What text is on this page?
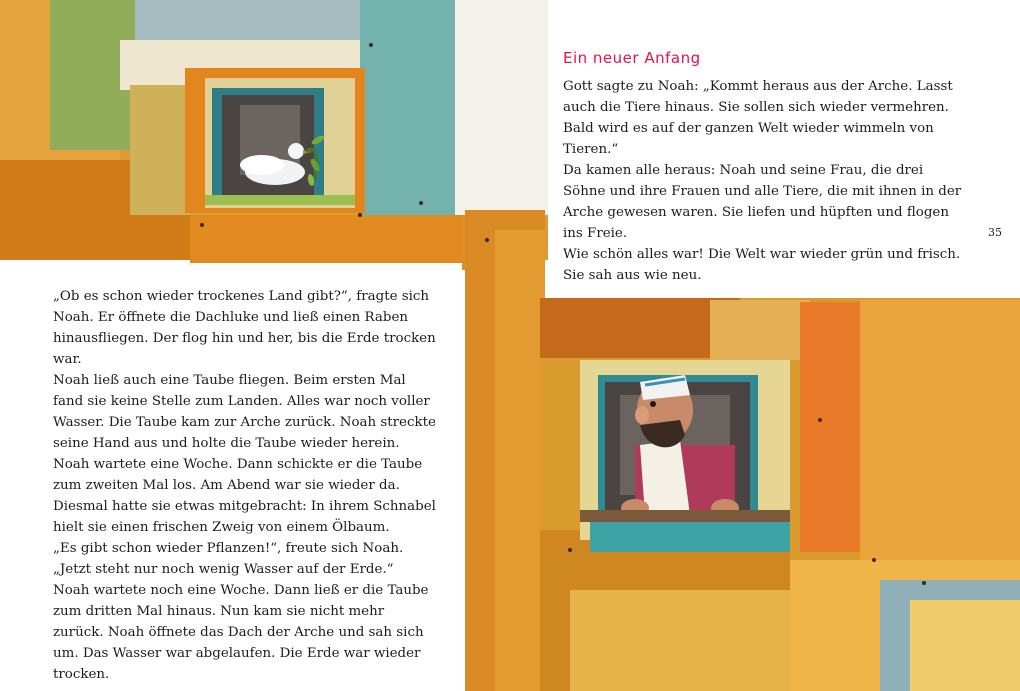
Ein neuer Anfang

Gott sagte zu Noah: „Kommt heraus aus der Arche. Lasst auch die Tiere hinaus. Sie sollen sich wieder vermehren. Bald wird es auf der ganzen Welt wieder wimmeln von Tieren.“

Da kamen alle heraus: Noah und seine Frau, die drei Söhne und ihre Frauen und alle Tiere, die mit ihnen in der Arche gewesen waren. Sie liefen und hüpften und flogen ins Freie.

Wie schön alles war! Die Welt war wieder grün und frisch. Sie sah aus wie neu.

35

„Ob es schon wieder trockenes Land gibt?“, fragte sich Noah. Er öffnete die Dachluke und ließ einen Raben hinausfliegen. Der flog hin und her, bis die Erde trocken war.

Noah ließ auch eine Taube fliegen. Beim ersten Mal fand sie keine Stelle zum Landen. Alles war noch voller Wasser. Die Taube kam zur Arche zurück. Noah streckte seine Hand aus und holte die Taube wieder herein.

Noah wartete eine Woche. Dann schickte er die Taube zum zweiten Mal los. Am Abend war sie wieder da. Diesmal hatte sie etwas mitgebracht: In ihrem Schnabel hielt sie einen frischen Zweig von einem Ölbaum.

„Es gibt schon wieder Pflanzen!“, freute sich Noah. „Jetzt steht nur noch wenig Wasser auf der Erde.“

Noah wartete noch eine Woche. Dann ließ er die Taube zum dritten Mal hinaus. Nun kam sie nicht mehr zurück. Noah öffnete das Dach der Arche und sah sich um. Das Wasser war abgelaufen. Die Erde war wieder trocken.
